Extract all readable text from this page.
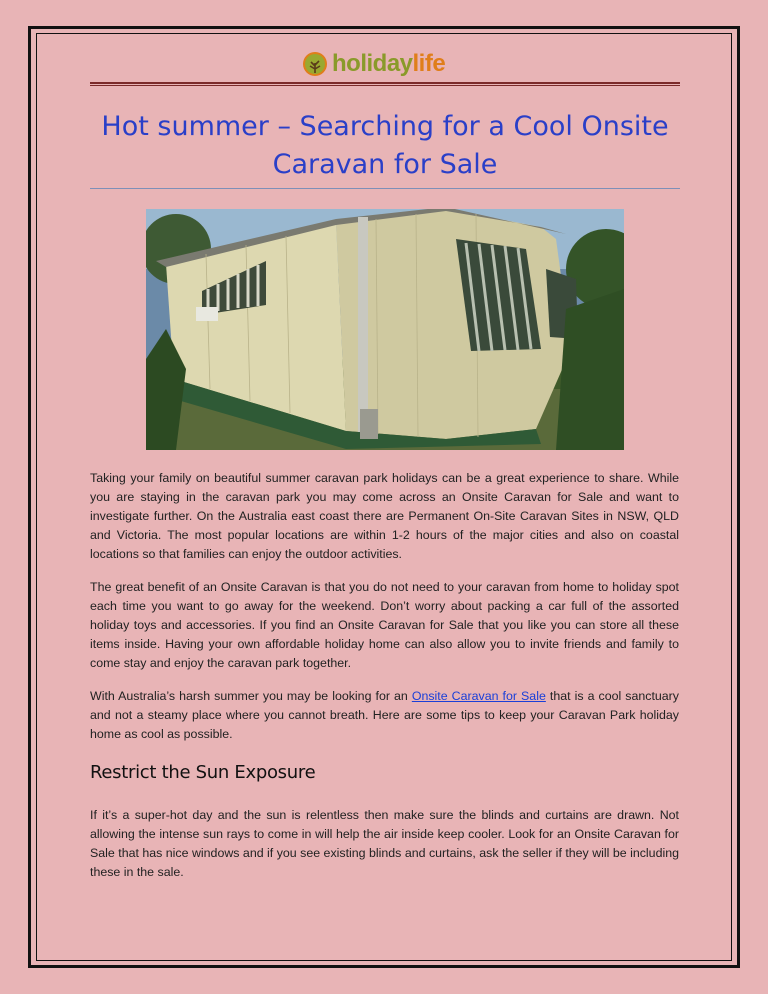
holidaylife
Hot summer – Searching for a Cool Onsite Caravan for Sale

Taking your family on beautiful summer caravan park holidays can be a great experience to share. While you are staying in the caravan park you may come across an Onsite Caravan for Sale and want to investigate further. On the Australia east coast there are Permanent On-Site Caravan Sites in NSW, QLD and Victoria. The most popular locations are within 1-2 hours of the major cities and also on coastal locations so that families can enjoy the outdoor activities.

The great benefit of an Onsite Caravan is that you do not need to your caravan from home to holiday spot each time you want to go away for the weekend. Don’t worry about packing a car full of the assorted holiday toys and accessories. If you find an Onsite Caravan for Sale that you like you can store all these items inside. Having your own affordable holiday home can also allow you to invite friends and family to come stay and enjoy the caravan park together.

With Australia’s harsh summer you may be looking for an Onsite Caravan for Sale that is a cool sanctuary and not a steamy place where you cannot breath. Here are some tips to keep your Caravan Park holiday home as cool as possible.

Restrict the Sun Exposure

If it’s a super-hot day and the sun is relentless then make sure the blinds and curtains are drawn. Not allowing the intense sun rays to come in will help the air inside keep cooler. Look for an Onsite Caravan for Sale that has nice windows and if you see existing blinds and curtains, ask the seller if they will be including these in the sale.
